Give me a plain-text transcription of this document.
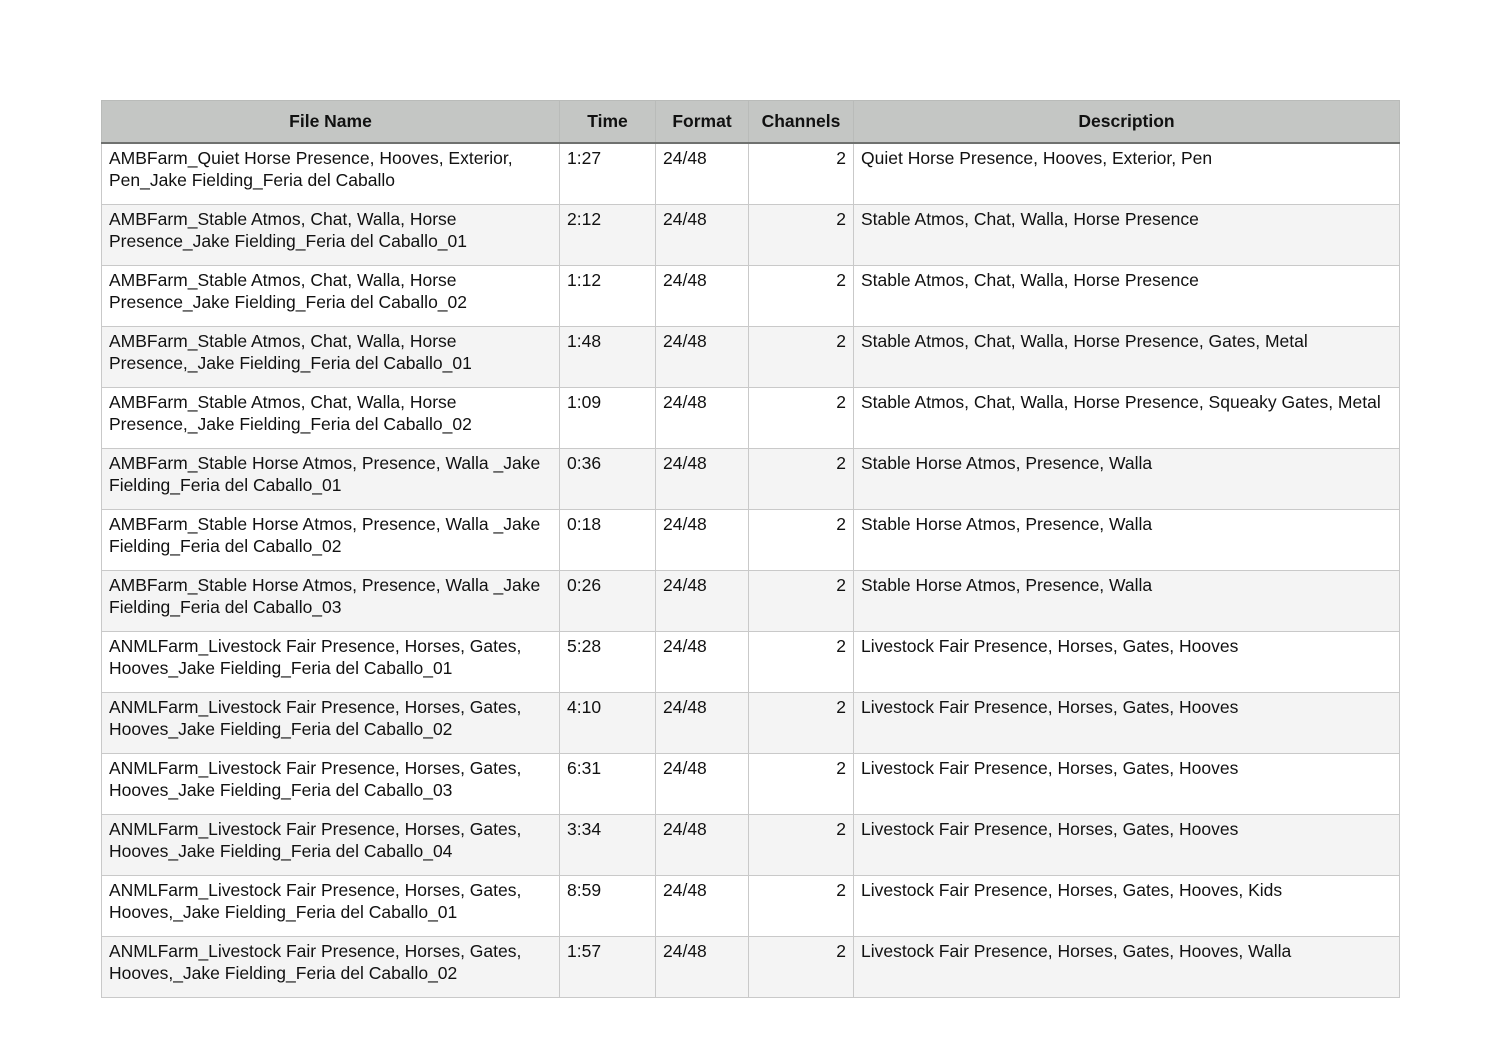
File Name	Time	Format	Channels	Description
AMBFarm_Quiet Horse Presence, Hooves, Exterior, Pen_Jake Fielding_Feria del Caballo	1:27	24/48	2	Quiet Horse Presence, Hooves, Exterior, Pen
AMBFarm_Stable Atmos, Chat, Walla, Horse Presence_Jake Fielding_Feria del Caballo_01	2:12	24/48	2	Stable Atmos, Chat, Walla, Horse Presence
AMBFarm_Stable Atmos, Chat, Walla, Horse Presence_Jake Fielding_Feria del Caballo_02	1:12	24/48	2	Stable Atmos, Chat, Walla, Horse Presence
AMBFarm_Stable Atmos, Chat, Walla, Horse Presence,_Jake Fielding_Feria del Caballo_01	1:48	24/48	2	Stable Atmos, Chat, Walla, Horse Presence, Gates, Metal
AMBFarm_Stable Atmos, Chat, Walla, Horse Presence,_Jake Fielding_Feria del Caballo_02	1:09	24/48	2	Stable Atmos, Chat, Walla, Horse Presence, Squeaky Gates, Metal
AMBFarm_Stable Horse Atmos, Presence, Walla _Jake Fielding_Feria del Caballo_01	0:36	24/48	2	Stable Horse Atmos, Presence, Walla
AMBFarm_Stable Horse Atmos, Presence, Walla _Jake Fielding_Feria del Caballo_02	0:18	24/48	2	Stable Horse Atmos, Presence, Walla
AMBFarm_Stable Horse Atmos, Presence, Walla _Jake Fielding_Feria del Caballo_03	0:26	24/48	2	Stable Horse Atmos, Presence, Walla
ANMLFarm_Livestock Fair Presence, Horses, Gates, Hooves_Jake Fielding_Feria del Caballo_01	5:28	24/48	2	Livestock Fair Presence, Horses, Gates, Hooves
ANMLFarm_Livestock Fair Presence, Horses, Gates, Hooves_Jake Fielding_Feria del Caballo_02	4:10	24/48	2	Livestock Fair Presence, Horses, Gates, Hooves
ANMLFarm_Livestock Fair Presence, Horses, Gates, Hooves_Jake Fielding_Feria del Caballo_03	6:31	24/48	2	Livestock Fair Presence, Horses, Gates, Hooves
ANMLFarm_Livestock Fair Presence, Horses, Gates, Hooves_Jake Fielding_Feria del Caballo_04	3:34	24/48	2	Livestock Fair Presence, Horses, Gates, Hooves
ANMLFarm_Livestock Fair Presence, Horses, Gates, Hooves,_Jake Fielding_Feria del Caballo_01	8:59	24/48	2	Livestock Fair Presence, Horses, Gates, Hooves, Kids
ANMLFarm_Livestock Fair Presence, Horses, Gates, Hooves,_Jake Fielding_Feria del Caballo_02	1:57	24/48	2	Livestock Fair Presence, Horses, Gates, Hooves, Walla
